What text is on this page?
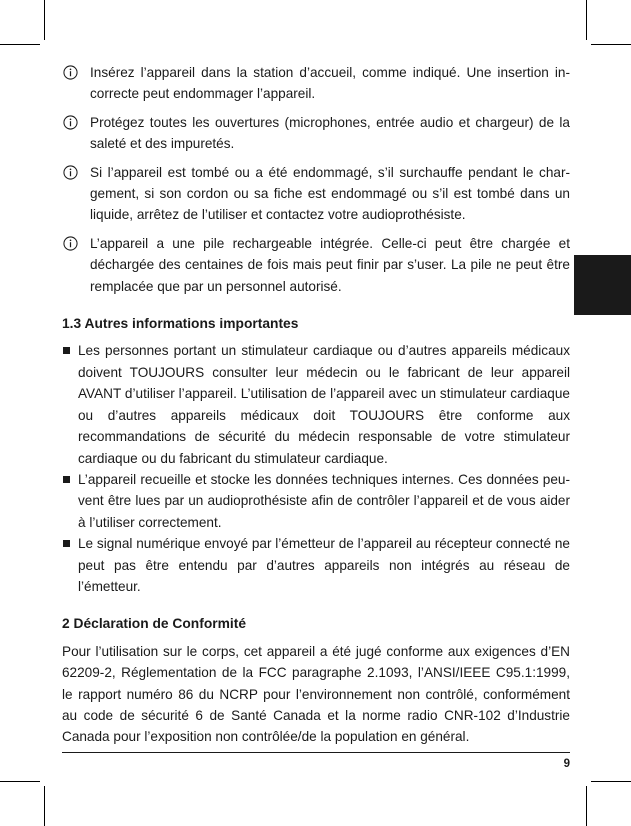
Insérez l’appareil dans la station d’accueil, comme indiqué. Une insertion incorrecte peut endommager l’appareil.
Protégez toutes les ouvertures (microphones, entrée audio et chargeur) de la saleté et des impuretés.
Si l’appareil est tombé ou a été endommagé, s’il surchauffe pendant le chargement, si son cordon ou sa fiche est endommagé ou s’il est tombé dans un liquide, arrêtez de l’utiliser et contactez votre audioprothésiste.
L’appareil a une pile rechargeable intégrée. Celle-ci peut être chargée et déchargée des centaines de fois mais peut finir par s’user. La pile ne peut être remplacée que par un personnel autorisé.
1.3 Autres informations importantes
Les personnes portant un stimulateur cardiaque ou d’autres appareils médicaux doivent TOUJOURS consulter leur médecin ou le fabricant de leur appareil AVANT d’utiliser l’appareil. L’utilisation de l’appareil avec un stimulateur cardiaque ou d’autres appareils médicaux doit TOUJOURS être conforme aux recommandations de sécurité du médecin responsable de votre stimulateur cardiaque ou du fabricant du stimulateur cardiaque.
L’appareil recueille et stocke les données techniques internes. Ces données peuvent être lues par un audioprothésiste afin de contrôler l’appareil et de vous aider à l’utiliser correctement.
Le signal numérique envoyé par l’émetteur de l’appareil au récepteur connecté ne peut pas être entendu par d’autres appareils non intégrés au réseau de l’émetteur.
2 Déclaration de Conformité
Pour l’utilisation sur le corps, cet appareil a été jugé conforme aux exigences d’EN 62209-2, Réglementation de la FCC paragraphe 2.1093, l’ANSI/IEEE C95.1:1999, le rapport numéro 86 du NCRP pour l’environnement non contrôlé, conformément au code de sécurité 6 de Santé Canada et la norme radio CNR-102 d’Industrie Canada pour l’exposition non contrôlée/de la population en général.
9
